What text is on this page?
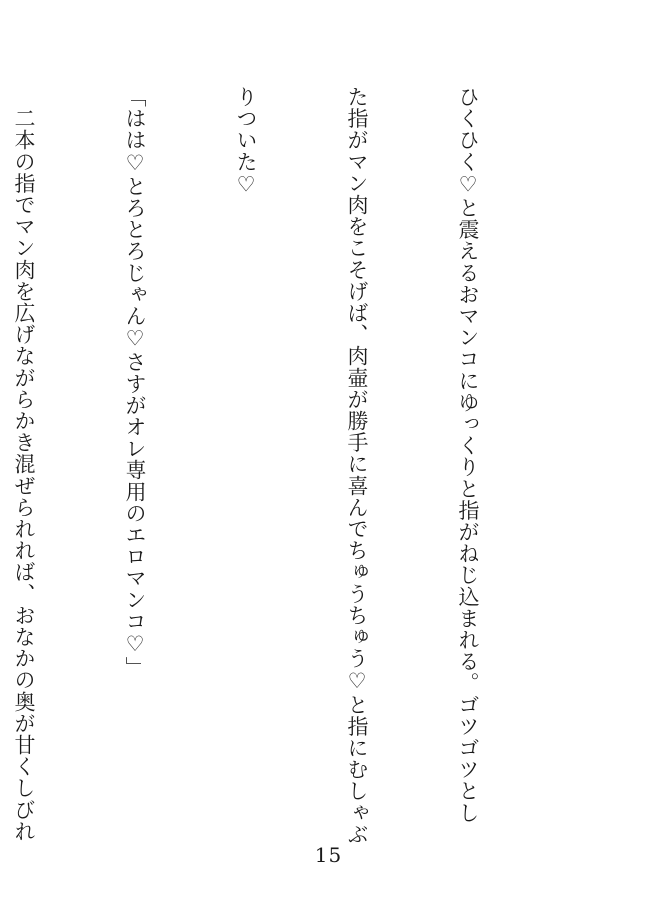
ひくひく♡と震えるおマンコにゆっくりと指がねじ込まれる。ゴツゴツとし

た指がマン肉をこそげば、肉壷が勝手に喜んでちゅうちゅう♡と指にむしゃぶ

りついた♡

「はは♡とろとろじゃん♡さすがオレ専用のエロマンコ♡」

　二本の指でマン肉を広げながらかき混ぜられれば、おなかの奥が甘くしびれ

15
